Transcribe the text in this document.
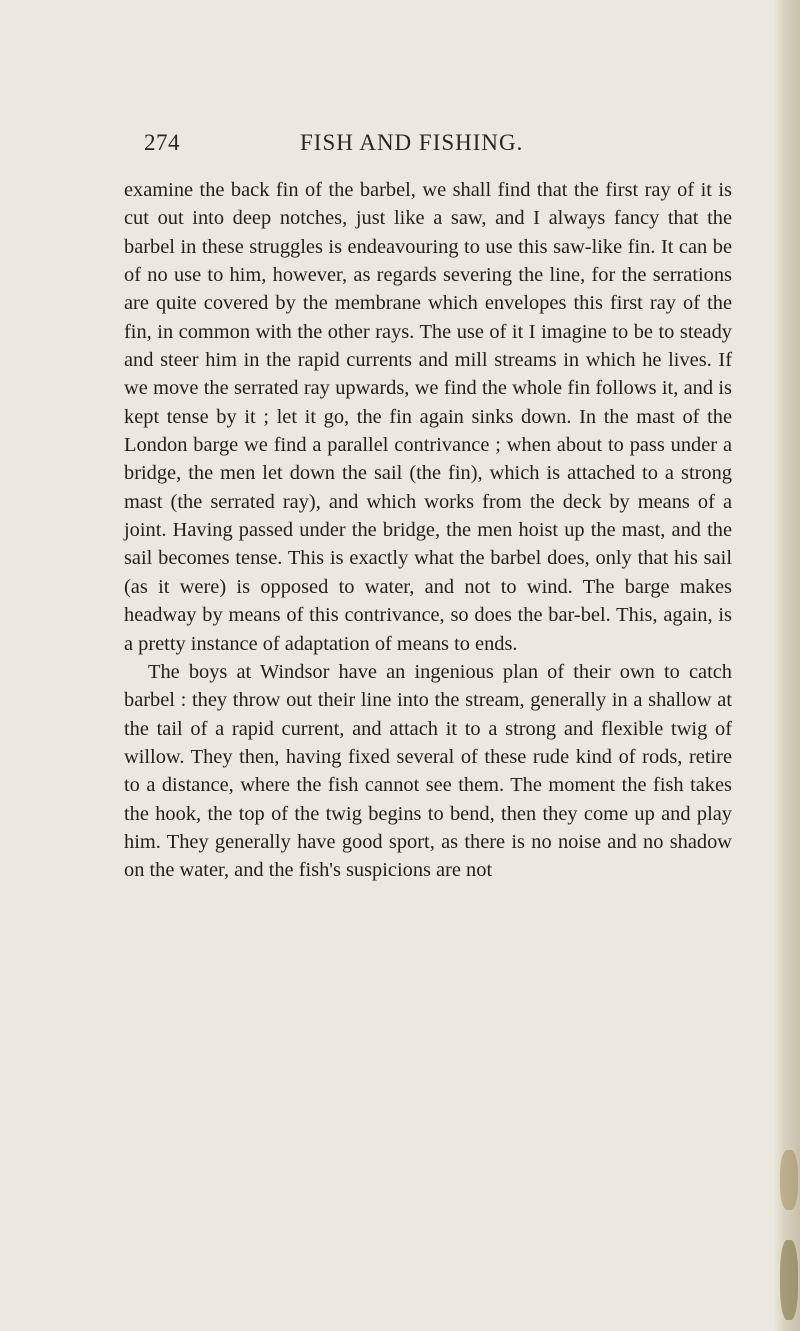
274	FISH AND FISHING.

examine the back fin of the barbel, we shall find that the first ray of it is cut out into deep notches, just like a saw, and I always fancy that the barbel in these struggles is endeavouring to use this saw-like fin. It can be of no use to him, however, as regards severing the line, for the serrations are quite covered by the membrane which envelopes this first ray of the fin, in common with the other rays. The use of it I imagine to be to steady and steer him in the rapid currents and mill streams in which he lives. If we move the serrated ray upwards, we find the whole fin follows it, and is kept tense by it ; let it go, the fin again sinks down. In the mast of the London barge we find a parallel contrivance ; when about to pass under a bridge, the men let down the sail (the fin), which is attached to a strong mast (the serrated ray), and which works from the deck by means of a joint. Having passed under the bridge, the men hoist up the mast, and the sail becomes tense. This is exactly what the barbel does, only that his sail (as it were) is opposed to water, and not to wind. The barge makes headway by means of this contrivance, so does the bar-bel. This, again, is a pretty instance of adaptation of means to ends.

The boys at Windsor have an ingenious plan of their own to catch barbel : they throw out their line into the stream, generally in a shallow at the tail of a rapid current, and attach it to a strong and flexible twig of willow. They then, having fixed several of these rude kind of rods, retire to a distance, where the fish cannot see them. The moment the fish takes the hook, the top of the twig begins to bend, then they come up and play him. They generally have good sport, as there is no noise and no shadow on the water, and the fish's suspicions are not
